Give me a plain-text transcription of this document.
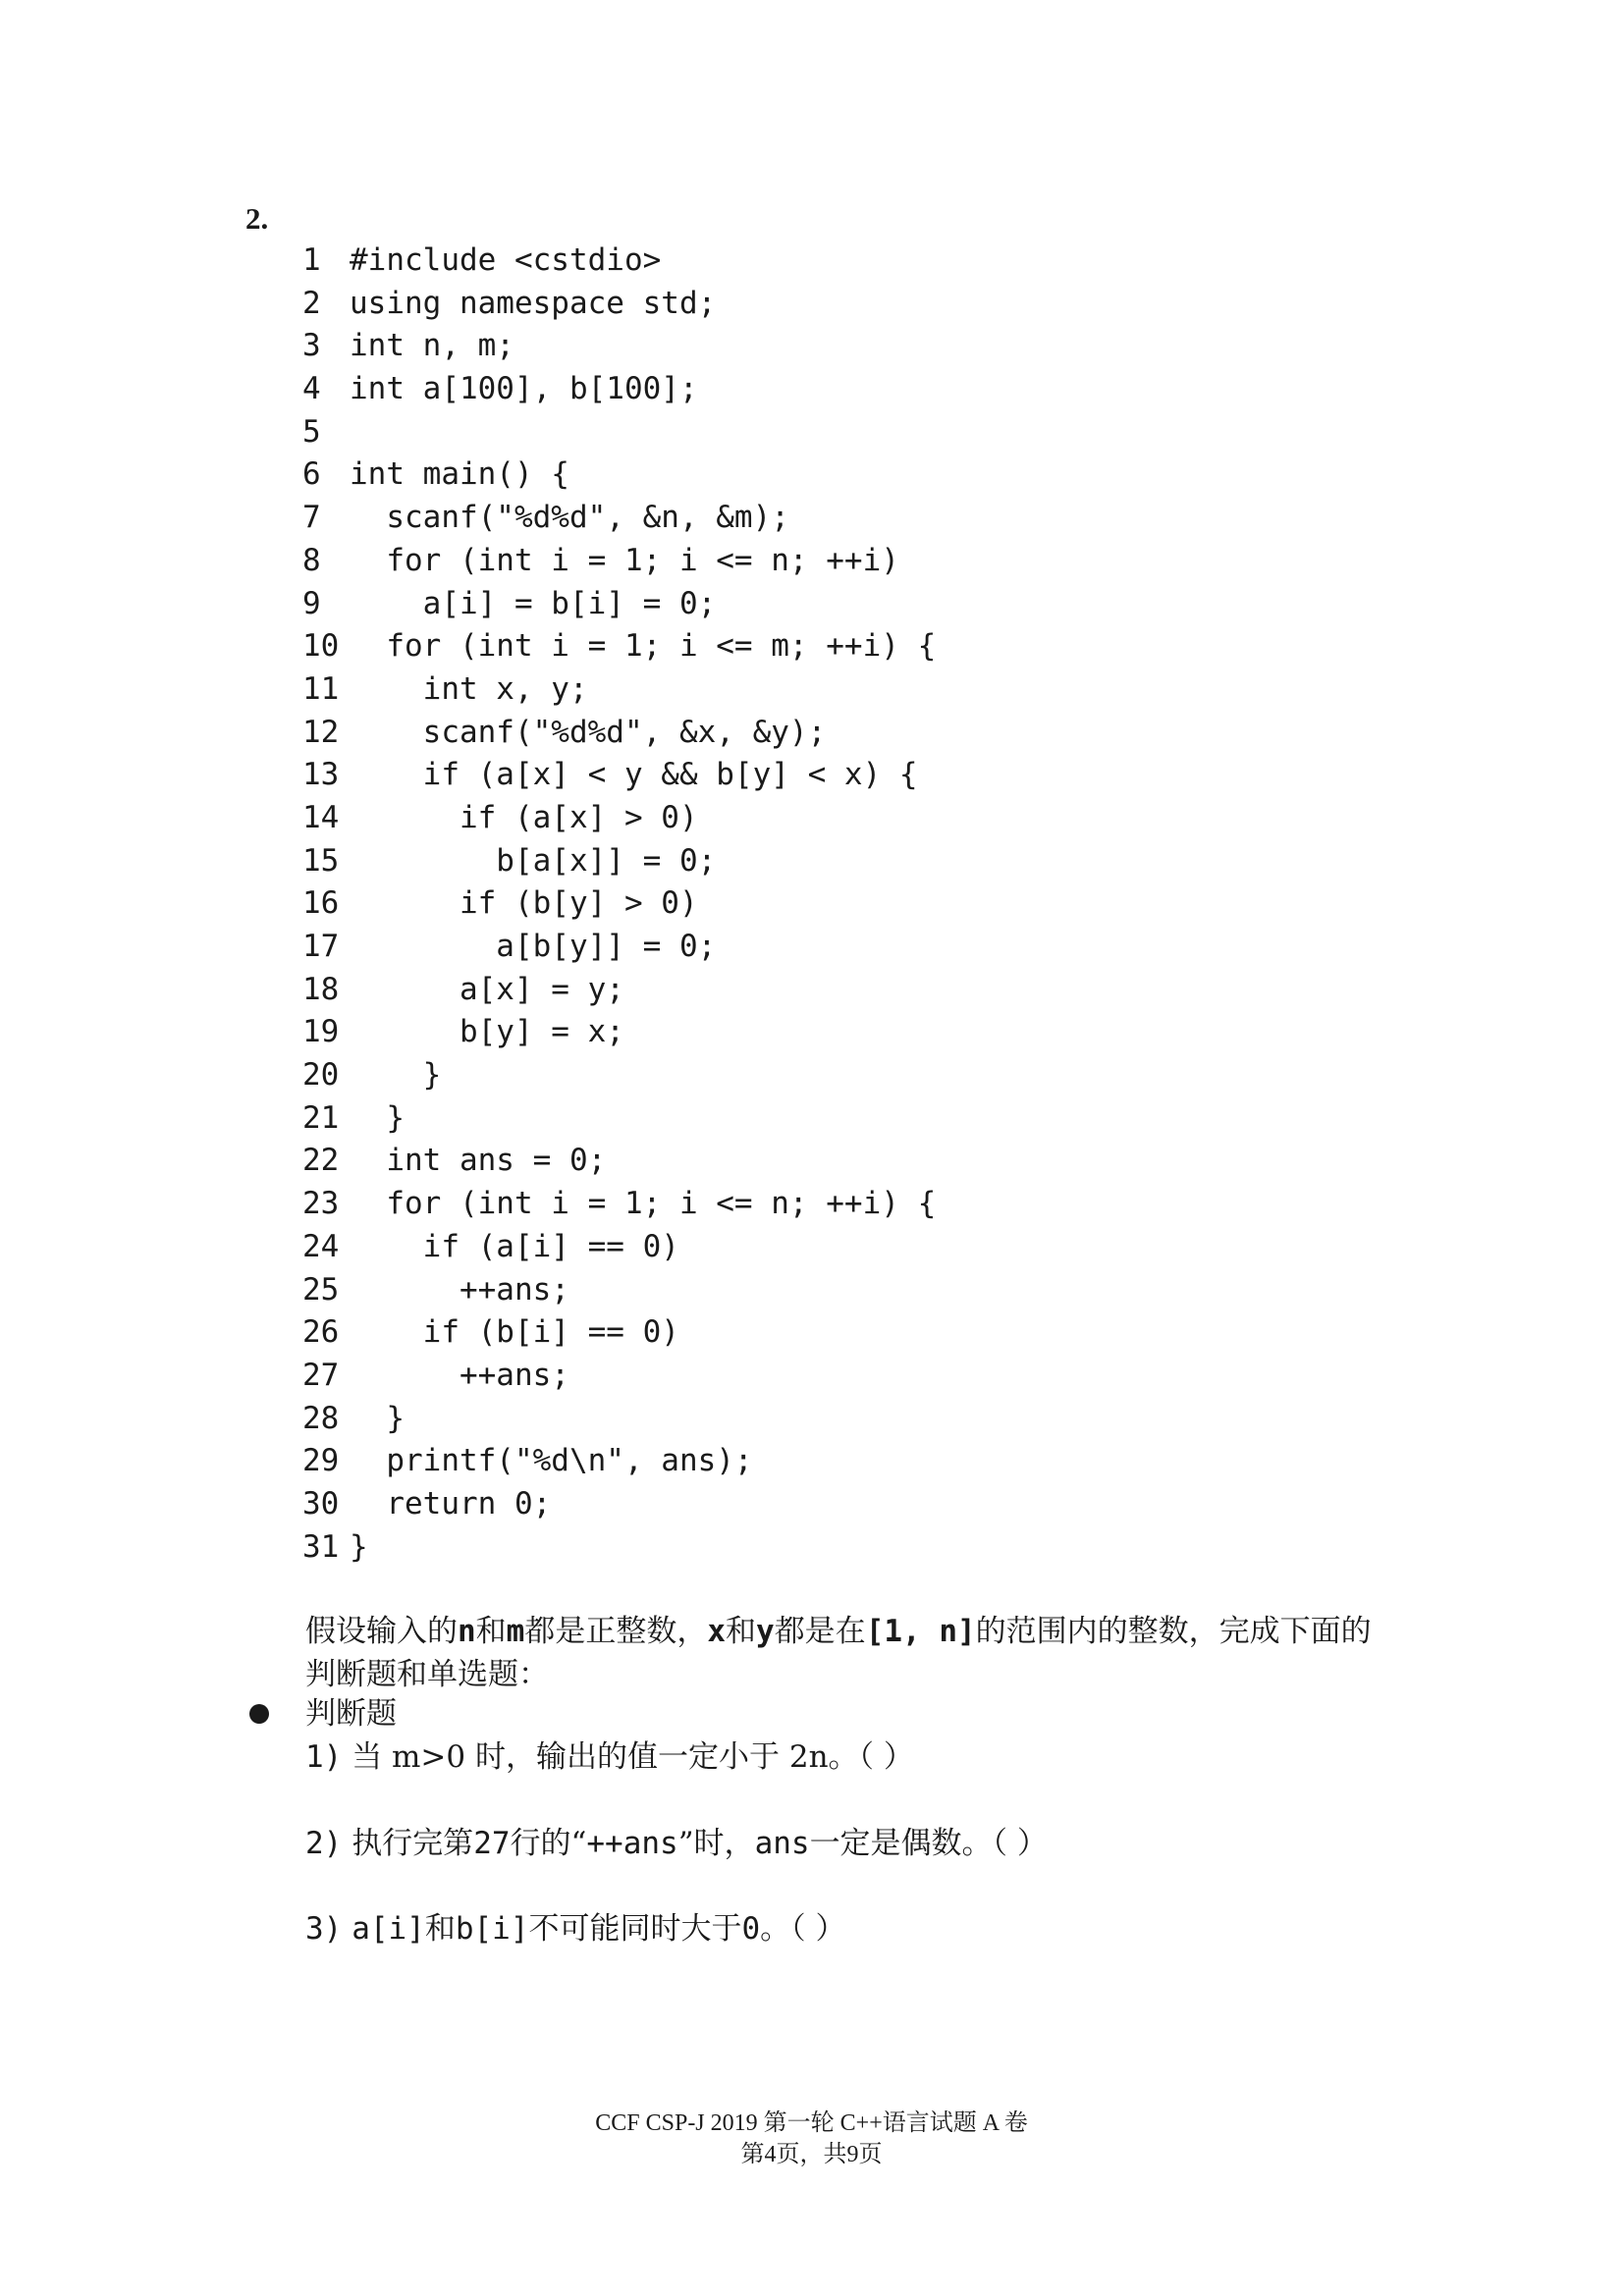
2.
1 #include <cstdio>
2 using namespace std;
3 int n, m;
4 int a[100], b[100];
5
6 int main() {
7  scanf("%d%d", &n, &m);
8  for (int i = 1; i <= n; ++i)
9    a[i] = b[i] = 0;
10  for (int i = 1; i <= m; ++i) {
11    int x, y;
12    scanf("%d%d", &x, &y);
13    if (a[x] < y && b[y] < x) {
14      if (a[x] > 0)
15        b[a[x]] = 0;
16      if (b[y] > 0)
17        a[b[y]] = 0;
18      a[x] = y;
19      b[y] = x;
20    }
21  }
22  int ans = 0;
23  for (int i = 1; i <= n; ++i) {
24    if (a[i] == 0)
25      ++ans;
26    if (b[i] == 0)
27      ++ans;
28  }
29  printf("%d\n", ans);
30  return 0;
31 }
假设输入的n和m都是正整数，x和y都是在[1, n]的范围内的整数，完成下面的判断题和单选题：
判断题
1) 当 m>0 时，输出的值一定小于 2n。（ ）
2) 执行完第27行的“++ans”时，ans一定是偶数。（ ）
3) a[i]和b[i]不可能同时大于0。（ ）
CCF CSP-J 2019 第一轮 C++语言试题 A 卷
第4页，共9页
